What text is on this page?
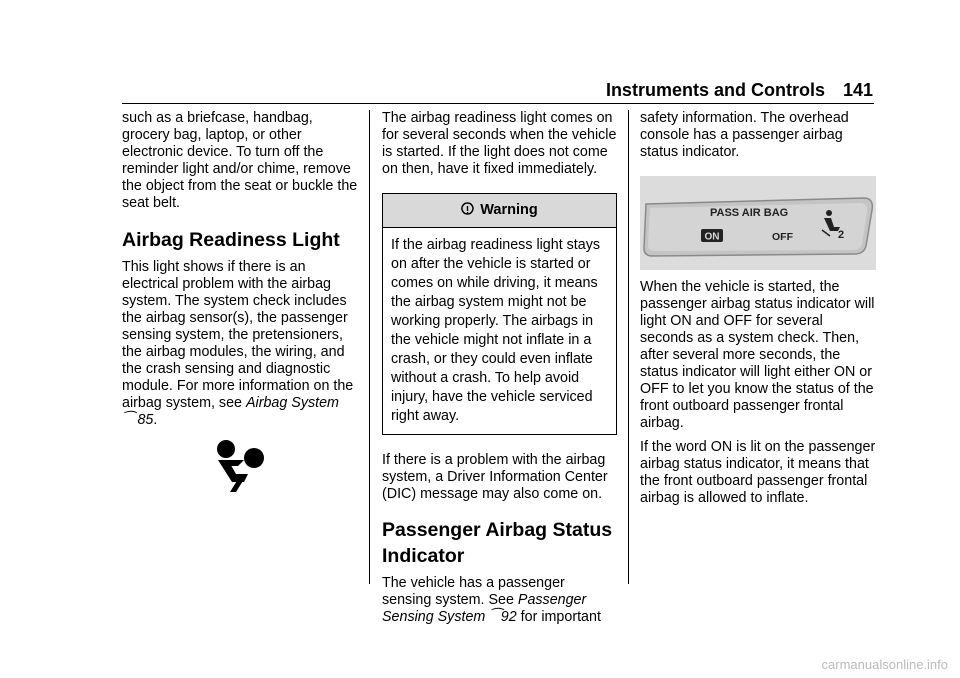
Instruments and Controls 141

such as a briefcase, handbag, grocery bag, laptop, or other electronic device. To turn off the reminder light and/or chime, remove the object from the seat or buckle the seat belt.

Airbag Readiness Light

This light shows if there is an electrical problem with the airbag system. The system check includes the airbag sensor(s), the passenger sensing system, the pretensioners, the airbag modules, the wiring, and the crash sensing and diagnostic module. For more information on the airbag system, see Airbag System
⁀ 85.

The airbag readiness light comes on for several seconds when the vehicle is started. If the light does not come on then, have it fixed immediately.

Warning
If the airbag readiness light stays on after the vehicle is started or comes on while driving, it means the airbag system might not be working properly. The airbags in the vehicle might not inflate in a crash, or they could even inflate without a crash. To help avoid injury, have the vehicle serviced right away.

If there is a problem with the airbag system, a Driver Information Center (DIC) message may also come on.

Passenger Airbag Status Indicator

The vehicle has a passenger sensing system. See Passenger Sensing System ⁀92 for important

safety information. The overhead console has a passenger airbag status indicator.

PASS AIR BAG
ON	OFF	2

When the vehicle is started, the passenger airbag status indicator will light ON and OFF for several seconds as a system check. Then, after several more seconds, the status indicator will light either ON or OFF to let you know the status of the front outboard passenger frontal airbag.

If the word ON is lit on the passenger airbag status indicator, it means that the front outboard passenger frontal airbag is allowed to inflate.

carmanualsonline.info
